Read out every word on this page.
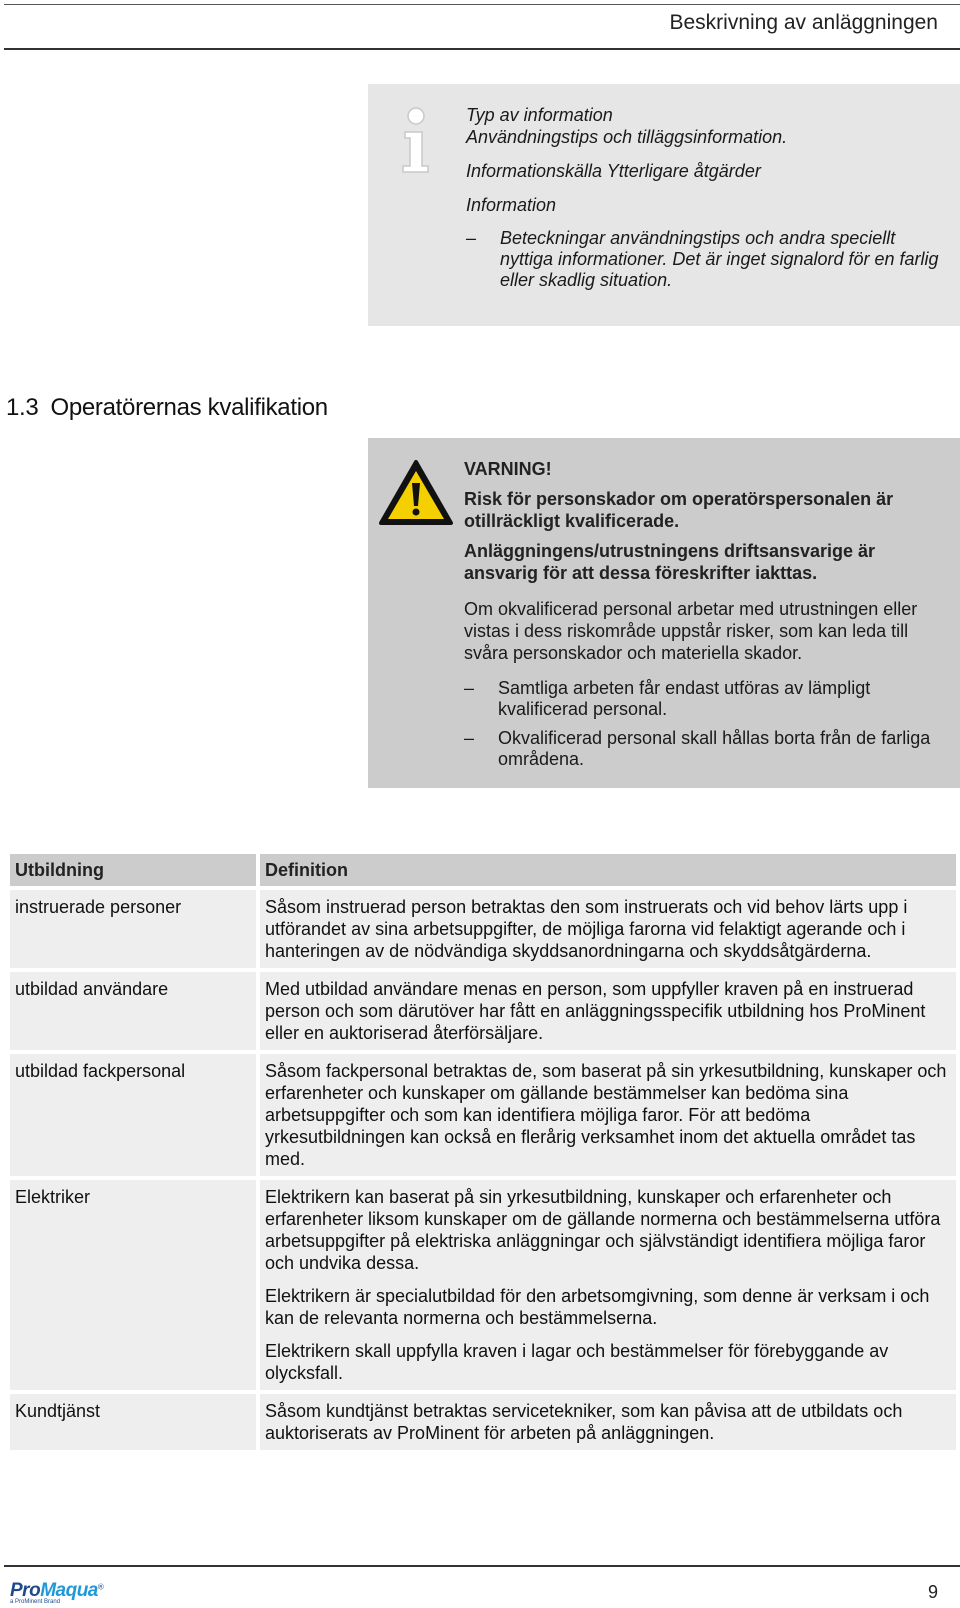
Beskrivning av anläggningen

Typ av information

Användningstips och tilläggsinformation.

Informationskälla Ytterligare åtgärder

Information

– Beteckningar användningstips och andra speciellt nyttiga informationer. Det är inget signalord för en farlig eller skadlig situation.
1.3 Operatörernas kvalifikation

VARNING!

Risk för personskador om operatörspersonalen är otillräckligt kvalificerade.

Anläggningens/utrustningens driftsansvarige är ansvarig för att dessa föreskrifter iakttas.

Om okvalificerad personal arbetar med utrustningen eller vistas i dess riskområde uppstår risker, som kan leda till svåra personskador och materiella skador.

– Samtliga arbeten får endast utföras av lämpligt kvalificerad personal.
– Okvalificerad personal skall hållas borta från de farliga områdena.
Utbildning	Definition
instruerade personer	Såsom instruerad person betraktas den som instruerats och vid behov lärts upp i utförandet av sina arbetsuppgifter, de möjliga farorna vid felaktigt agerande och i hanteringen av de nödvändiga skyddsanordningarna och skyddsåtgärderna.

utbildad användare	Med utbildad användare menas en person, som uppfyller kraven på en instruerad person och som därutöver har fått en anläggningsspecifik utbildning hos ProMinent eller en auktoriserad återförsäljare.

utbildad fackpersonal	Såsom fackpersonal betraktas de, som baserat på sin yrkesutbildning, kunskaper och erfarenheter och kunskaper om gällande bestämmelser kan bedöma sina arbetsuppgifter och som kan identifiera möjliga faror. För att bedöma yrkesutbildningen kan också en flerårig verksamhet inom det aktuella området tas med.

Elektriker	Elektrikern kan baserat på sin yrkesutbildning, kunskaper och erfarenheter och erfarenheter liksom kunskaper om de gällande normerna och bestämmelserna utföra arbetsuppgifter på elektriska anläggningar och självständigt identifiera möjliga faror och undvika dessa.

Elektrikern är specialutbildad för den arbetsomgivning, som denne är verksam i och kan de relevanta normerna och bestämmelserna.

Elektrikern skall uppfylla kraven i lagar och bestämmelser för förebyggande av olycksfall.

Kundtjänst	Såsom kundtjänst betraktas servicetekniker, som kan påvisa att de utbildats och auktoriserats av ProMinent för arbeten på anläggningen.

ProMaqua®
a ProMinent Brand	9
